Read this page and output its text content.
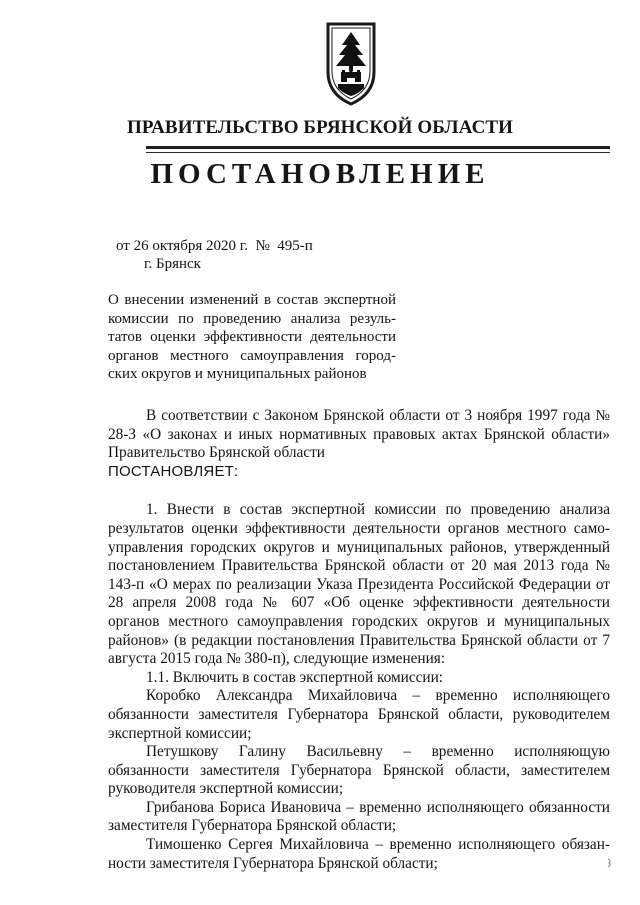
ПРАВИТЕЛЬСТВО БРЯНСКОЙ ОБЛАСТИ
ПОСТАНОВЛЕНИЕ
от 26 октября 2020 г. №  495-п
г. Брянск
О внесении изменений в состав экспертной комиссии по проведению анализа резуль-татов оценки эффективности деятельности органов местного самоуправления город-ских округов и муниципальных районов

В соответствии с Законом Брянской области от 3 ноября 1997 года № 28-З «О законах и иных нормативных правовых актах Брянской области» Правительство Брянской области

ПОСТАНОВЛЯЕТ:

1. Внести в состав экспертной комиссии по проведению анализа результатов оценки эффективности деятельности органов местного само-управления городских округов и муниципальных районов, утвержденный постановлением Правительства Брянской области от 20 мая 2013 года № 143-п «О мерах по реализации Указа Президента Российской Федерации от 28 апреля 2008 года № 607 «Об оценке эффективности деятельности органов местного самоуправления городских округов и муниципальных районов» (в редакции постановления Правительства Брянской области от 7 августа 2015 года № 380-п), следующие изменения:

1.1. Включить в состав экспертной комиссии:

Коробко Александра Михайловича – временно исполняющего обязанности заместителя Губернатора Брянской области, руководителем экспертной комиссии;

Петушкову Галину Васильевну – временно исполняющую обязанности заместителя Губернатора Брянской области, заместителем руководителя экспертной комиссии;

Грибанова Бориса Ивановича – временно исполняющего обязанности заместителя Губернатора Брянской области;

Тимошенко Сергея Михайловича – временно исполняющего обязан-ности заместителя Губернатора Брянской области;
